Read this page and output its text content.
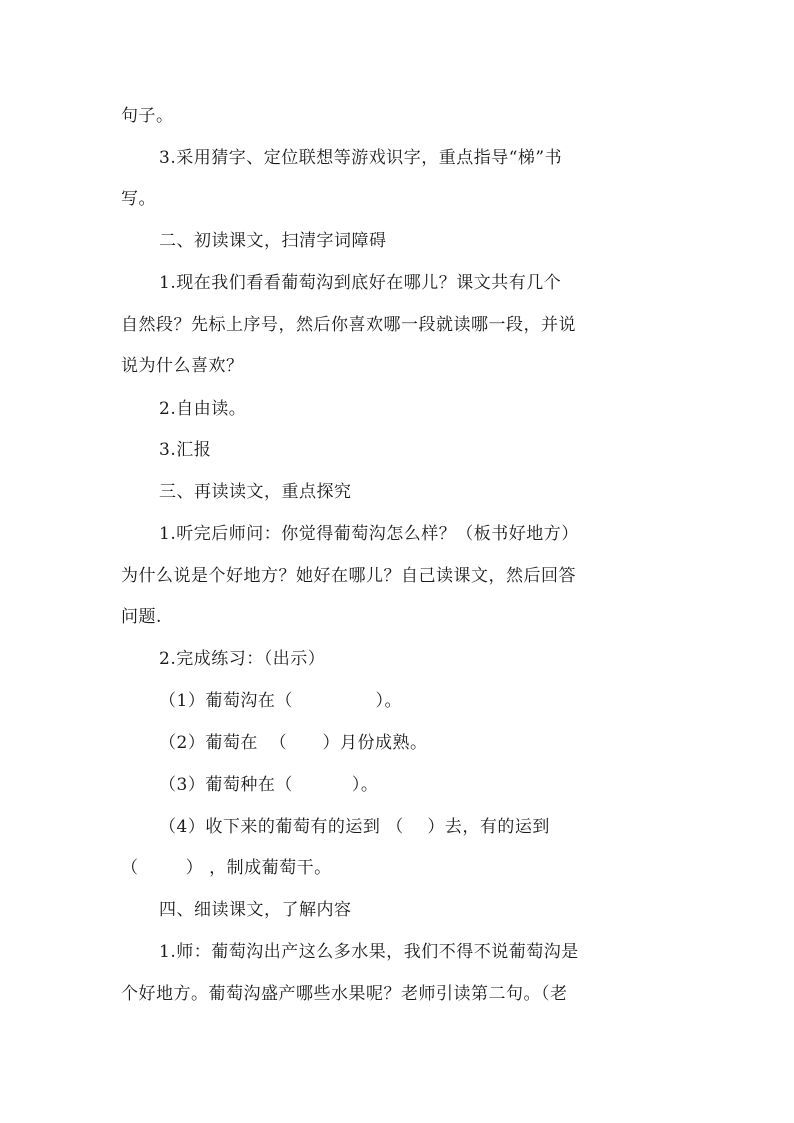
句子。
3.采用猜字、定位联想等游戏识字，重点指导“梯”书
写。
二、初读课文，扫清字词障碍
1.现在我们看看葡萄沟到底好在哪儿？课文共有几个
自然段？先标上序号，然后你喜欢哪一段就读哪一段，并说
说为什么喜欢？
2.自由读。
3.汇报
三、再读读文，重点探究
1.听完后师问：你觉得葡萄沟怎么样？（板书好地方）
为什么说是个好地方？她好在哪儿？自己读课文，然后回答
问题.
2.完成练习：（出示）
（1）葡萄沟在（              ）。
（2）葡萄在  （      ）月份成熟。
（3）葡萄种在（          ）。
（4）收下来的葡萄有的运到 （    ）去，有的运到
（        ） ，制成葡萄干。
四、细读课文，了解内容
1.师：葡萄沟出产这么多水果，我们不得不说葡萄沟是
个好地方。葡萄沟盛产哪些水果呢？老师引读第二句。（老
